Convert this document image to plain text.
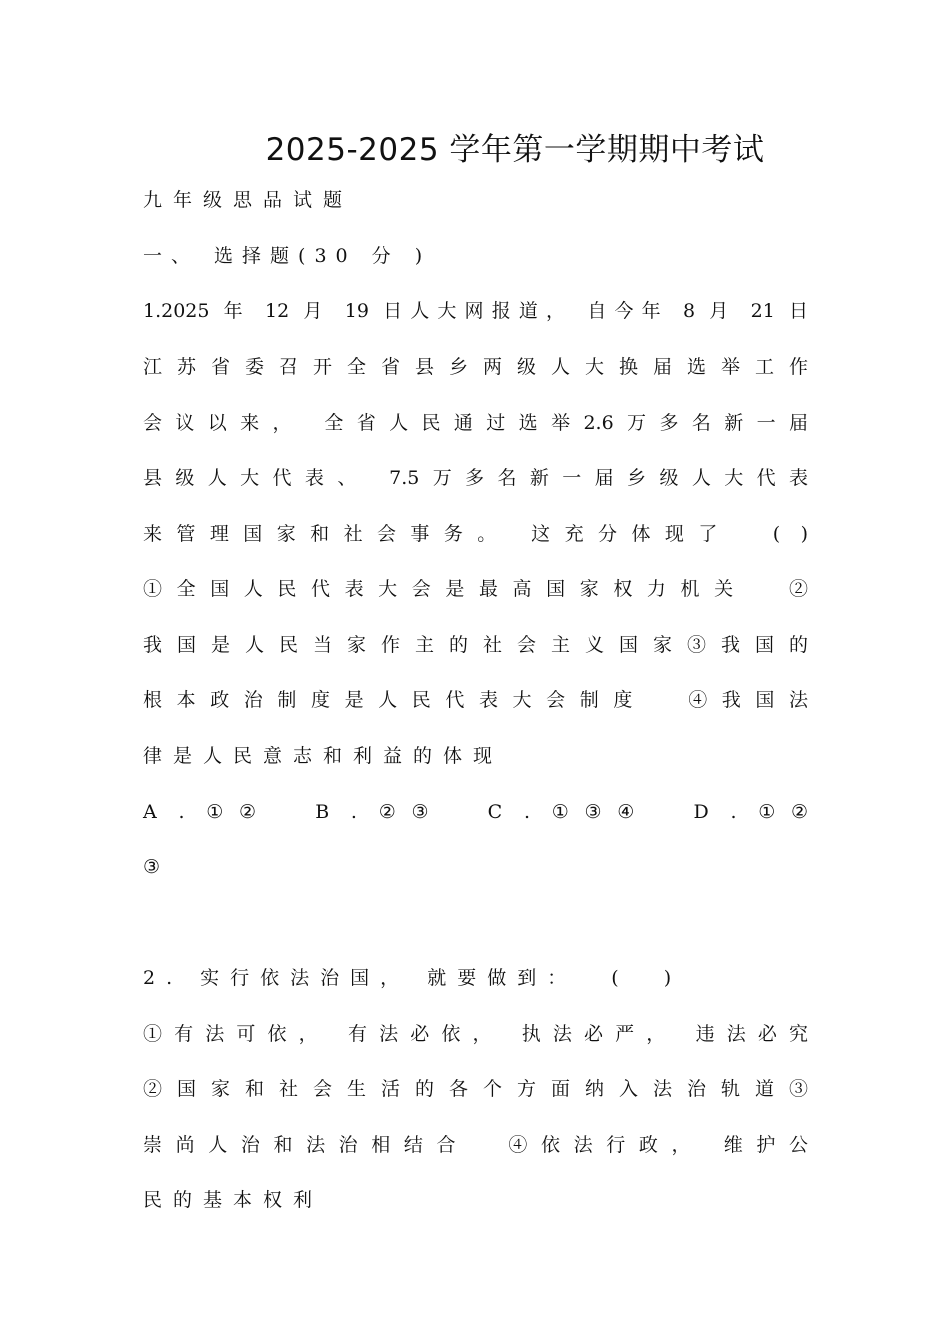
2025-2025 学年第一学期期中考试
九年级思品试题
一、 选择题(30 分 )
1.2025 年 12 月 19 日人大网报道， 自今年 8 月 21 日
江苏省委召开全省县乡两级人大换届选举工作
会议以来， 全省人民通过选举2.6万多名新一届
县级人大代表、 7.5万多名新一届乡级人大代表
来管理国家和社会事务。 这充分体现了  ( )
①全国人民代表大会是最高国家权力机关  ②
我国是人民当家作主的社会主义国家③我国的
根本政治制度是人民代表大会制度  ④我国法
律是人民意志和利益的体现
A . ①②  B . ②③  C . ①③④  D . ①②
③
2. 实行依法治国， 就要做到：  (  )
①有法可依， 有法必依， 执法必严， 违法必究
②国家和社会生活的各个方面纳入法治轨道③
崇尚人治和法治相结合  ④依法行政， 维护公
民的基本权利
